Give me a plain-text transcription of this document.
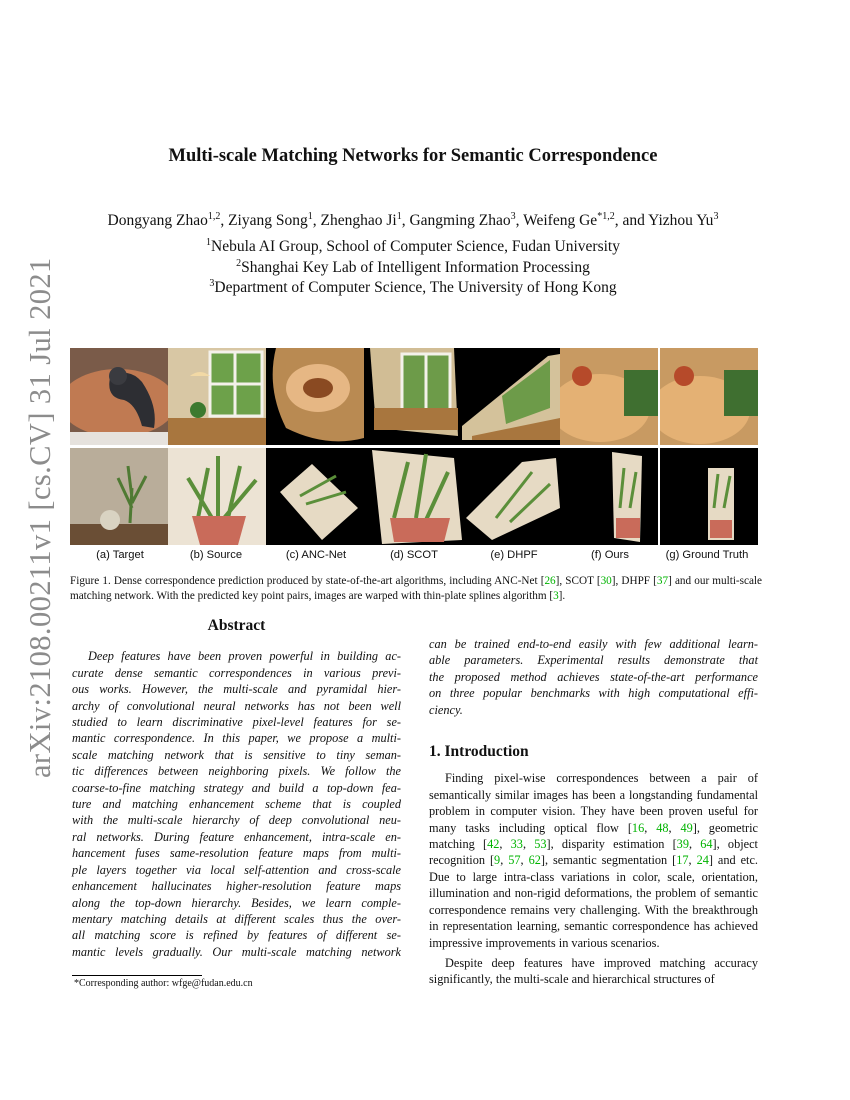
arXiv:2108.00211v1 [cs.CV] 31 Jul 2021
Multi-scale Matching Networks for Semantic Correspondence
Dongyang Zhao$^{1,2}$, Ziyang Song$^1$, Zhenghao Ji$^1$, Gangming Zhao$^3$, Weifeng Ge$^{*1,2}$, and Yizhou Yu$^3$
$^1$Nebula AI Group, School of Computer Science, Fudan University
$^2$Shanghai Key Lab of Intelligent Information Processing
$^3$Department of Computer Science, The University of Hong Kong
(a) Target	(b) Source	(c) ANC-Net	(d) SCOT	(e) DHPF	(f) Ours	(g) Ground Truth
Figure 1. Dense correspondence prediction produced by state-of-the-art algorithms, including ANC-Net [26], SCOT [30], DHPF [37] and our multi-scale matching network. With the predicted key point pairs, images are warped with thin-plate splines algorithm [3].
Abstract
Deep features have been proven powerful in building ac-
curate dense semantic correspondences in various previ-
ous works. However, the multi-scale and pyramidal hier-
archy of convolutional neural networks has not been well
studied to learn discriminative pixel-level features for se-
mantic correspondence. In this paper, we propose a multi-
scale matching network that is sensitive to tiny seman-
tic differences between neighboring pixels. We follow the
coarse-to-fine matching strategy and build a top-down fea-
ture and matching enhancement scheme that is coupled
with the multi-scale hierarchy of deep convolutional neu-
ral networks. During feature enhancement, intra-scale en-
hancement fuses same-resolution feature maps from multi-
ple layers together via local self-attention and cross-scale
enhancement hallucinates higher-resolution feature maps
along the top-down hierarchy. Besides, we learn comple-
mentary matching details at different scales thus the over-
all matching score is refined by features of different se-
mantic levels gradually. Our multi-scale matching network
*Corresponding author: wfge@fudan.edu.cn
can be trained end-to-end easily with few additional learn-
able parameters. Experimental results demonstrate that
the proposed method achieves state-of-the-art performance
on three popular benchmarks with high computational effi-
ciency.
1. Introduction

Finding pixel-wise correspondences between a pair of semantically similar images has been a longstanding fundamental problem in computer vision. They have been proven useful for many tasks including optical flow [16, 48, 49], geometric matching [42, 33, 53], disparity estimation [39, 64], object recognition [9, 57, 62], semantic segmentation [17, 24] and etc. Due to large intra-class variations in color, scale, orientation, illumination and non-rigid deformations, the problem of semantic correspondence remains very challenging. With the breakthrough in representation learning, semantic correspondence has achieved impressive improvements in various scenarios.

Despite deep features have improved matching accuracy significantly, the multi-scale and hierarchical structures of
